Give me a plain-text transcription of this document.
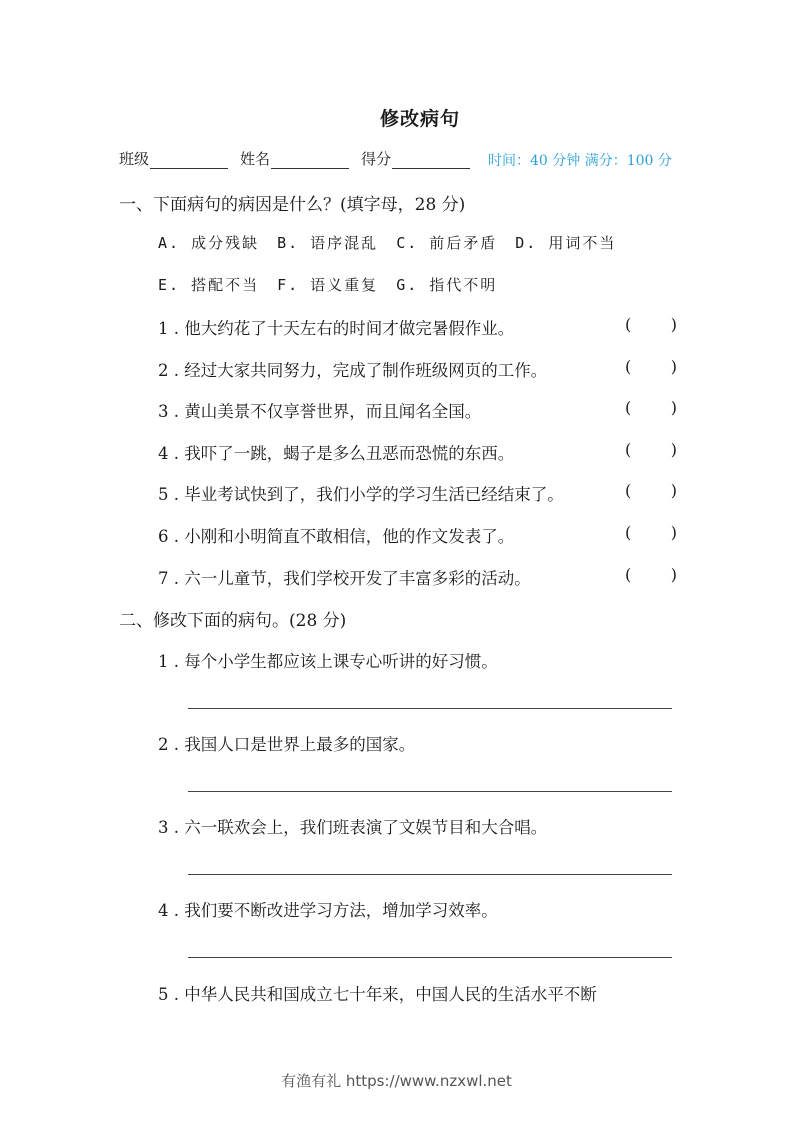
修改病句
班级	姓名	得分	时间：40 分钟 满分：100 分
一、下面病句的病因是什么？(填字母，28 分)
A. 成分残缺 B. 语序混乱 C. 前后矛盾 D. 用词不当
E. 搭配不当 F. 语义重复 G. 指代不明
1 . 他大约花了十天左右的时间才做完暑假作业。	( )
2 . 经过大家共同努力，完成了制作班级网页的工作。	( )
3 . 黄山美景不仅享誉世界，而且闻名全国。	( )
4 . 我吓了一跳，蝎子是多么丑恶而恐慌的东西。	( )
5 . 毕业考试快到了，我们小学的学习生活已经结束了。	( )
6 . 小刚和小明简直不敢相信，他的作文发表了。	( )
7 . 六一儿童节，我们学校开发了丰富多彩的活动。	( )
二、修改下面的病句。(28 分)
1 . 每个小学生都应该上课专心听讲的好习惯。
2 . 我国人口是世界上最多的国家。
3 . 六一联欢会上，我们班表演了文娱节目和大合唱。
4 . 我们要不断改进学习方法，增加学习效率。
5 . 中华人民共和国成立七十年来，中国人民的生活水平不断
有渔有礼 https://www.nzxwl.net
